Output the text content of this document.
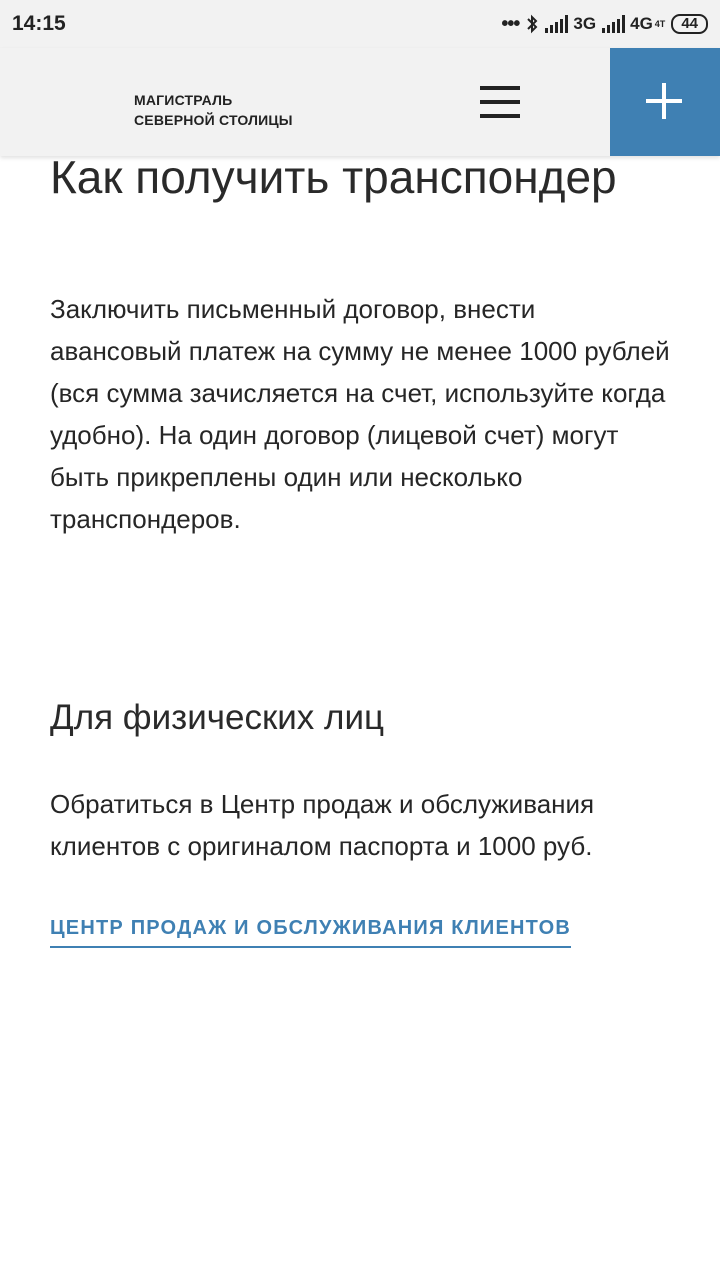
14:15	•••	3G 4G 4T	44
МАГИСТРАЛЬ
СЕВЕРНОЙ СТОЛИЦЫ
Как получить транспондер

Заключить письменный договор, внести авансовый платеж на сумму не менее 1000 рублей (вся сумма зачисляется на счет, используйте когда удобно). На один договор (лицевой счет) могут быть прикреплены один или несколько транспондеров.

Для физических лиц

Обратиться в Центр продаж и обслуживания клиентов с оригиналом паспорта и 1000 руб.

ЦЕНТР ПРОДАЖ И ОБСЛУЖИВАНИЯ КЛИЕНТОВ
